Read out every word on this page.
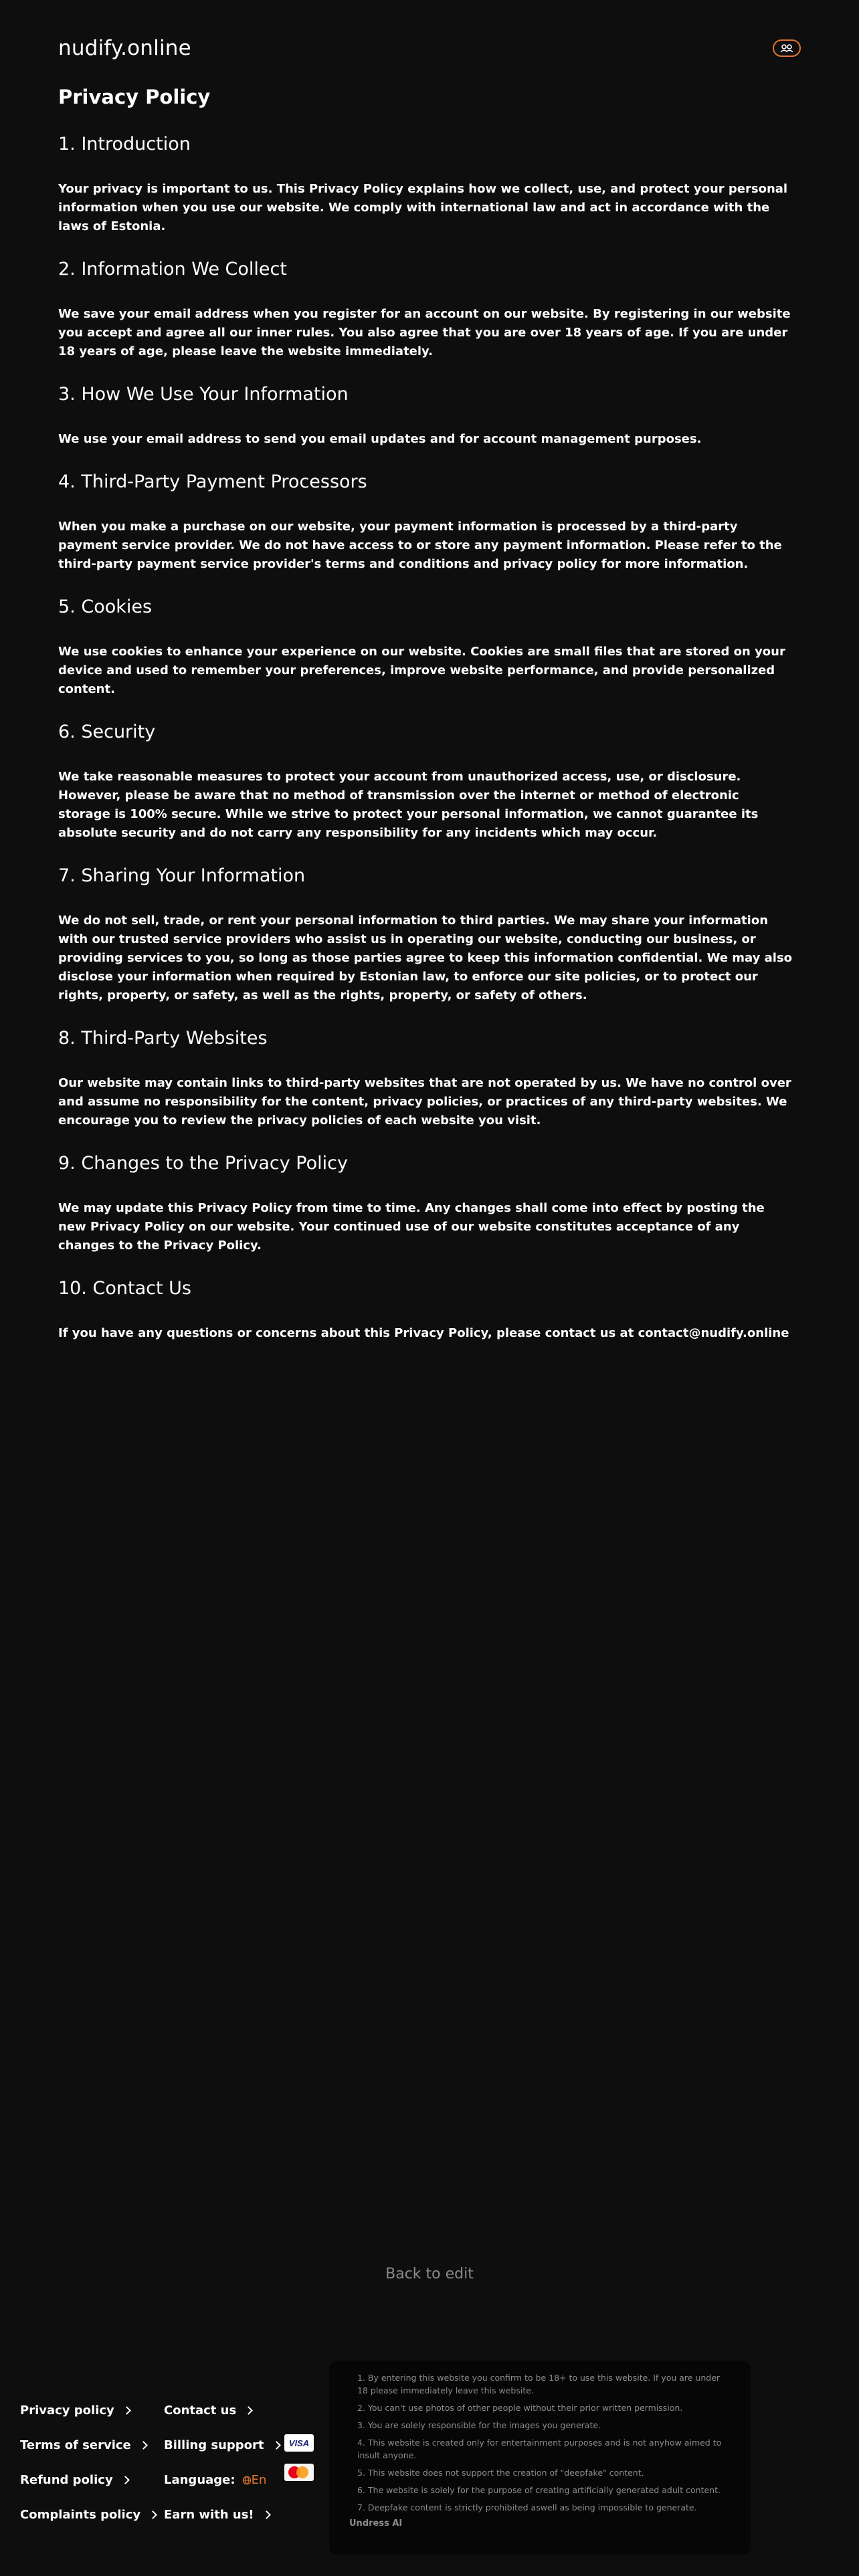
nudify.online
Privacy Policy
1. Introduction

Your privacy is important to us. This Privacy Policy explains how we collect, use, and protect your personal information when you use our website. We comply with international law and act in accordance with the laws of Estonia.

2. Information We Collect

We save your email address when you register for an account on our website. By registering in our website you accept and agree all our inner rules. You also agree that you are over 18 years of age. If you are under 18 years of age, please leave the website immediately.

3. How We Use Your Information

We use your email address to send you email updates and for account management purposes.

4. Third-Party Payment Processors

When you make a purchase on our website, your payment information is processed by a third-party payment service provider. We do not have access to or store any payment information. Please refer to the third-party payment service provider's terms and conditions and privacy policy for more information.

5. Cookies

We use cookies to enhance your experience on our website. Cookies are small files that are stored on your device and used to remember your preferences, improve website performance, and provide personalized content.

6. Security

We take reasonable measures to protect your account from unauthorized access, use, or disclosure. However, please be aware that no method of transmission over the internet or method of electronic storage is 100% secure. While we strive to protect your personal information, we cannot guarantee its absolute security and do not carry any responsibility for any incidents which may occur.

7. Sharing Your Information

We do not sell, trade, or rent your personal information to third parties. We may share your information with our trusted service providers who assist us in operating our website, conducting our business, or providing services to you, so long as those parties agree to keep this information confidential. We may also disclose your information when required by Estonian law, to enforce our site policies, or to protect our rights, property, or safety, as well as the rights, property, or safety of others.

8. Third-Party Websites

Our website may contain links to third-party websites that are not operated by us. We have no control over and assume no responsibility for the content, privacy policies, or practices of any third-party websites. We encourage you to review the privacy policies of each website you visit.

9. Changes to the Privacy Policy

We may update this Privacy Policy from time to time. Any changes shall come into effect by posting the new Privacy Policy on our website. Your continued use of our website constitutes acceptance of any changes to the Privacy Policy.

10. Contact Us

If you have any questions or concerns about this Privacy Policy, please contact us at contact@nudify.online

Back to edit
Privacy policy	Contact us
Terms of service	Billing support
Refund policy	Language:	En
Complaints policy Earn with us!
VISA
1. By entering this website you confirm to be 18+ to use this website. If you are under 18 please immediately leave this website.
2. You can't use photos of other people without their prior written permission.
3. You are solely responsible for the images you generate.
4. This website is created only for entertainment purposes and is not anyhow aimed to insult anyone.
5. This website does not support the creation of "deepfake" content.
6. The website is solely for the purpose of creating artificially generated adult content.
7. Deepfake content is strictly prohibited aswell as being impossible to generate.
Undress AI
